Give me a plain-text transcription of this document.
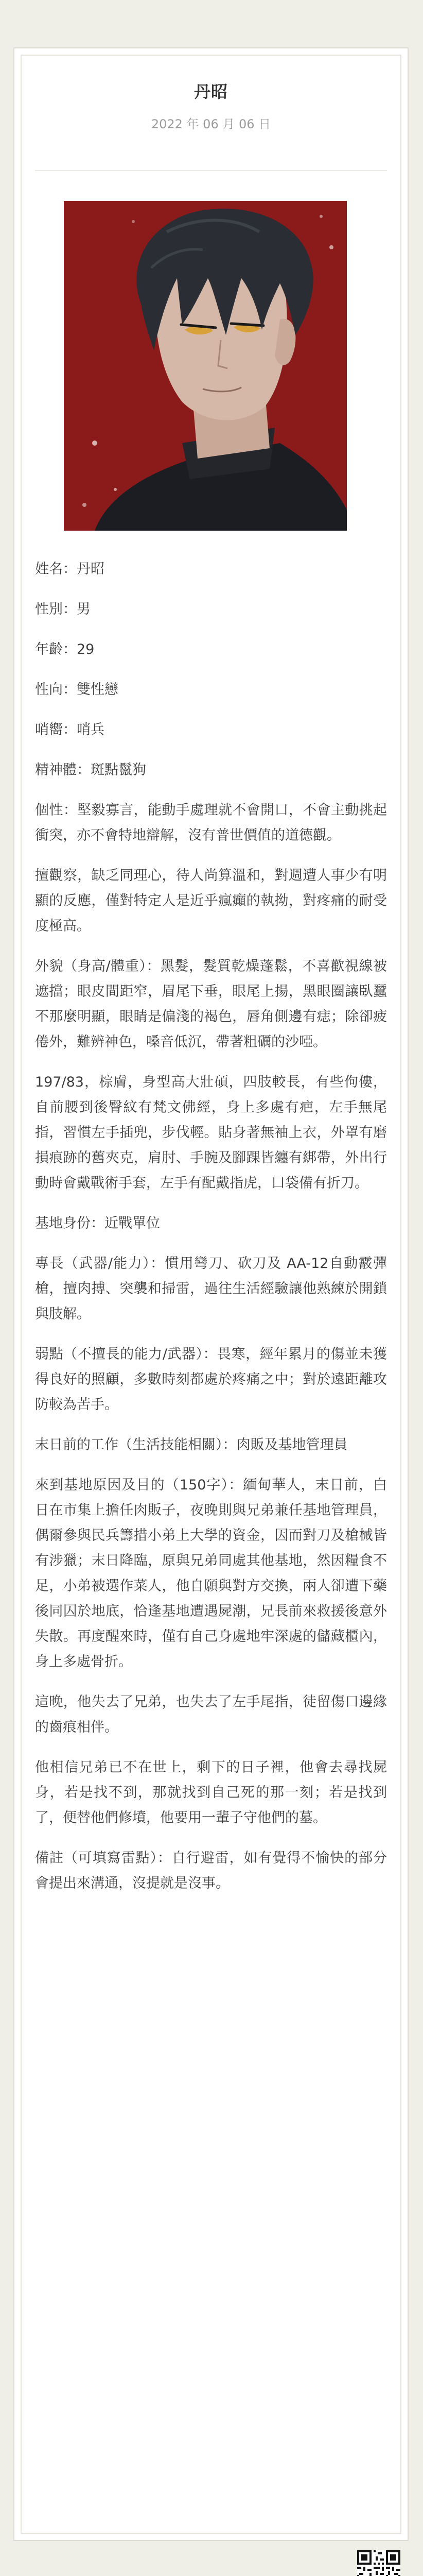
丹昭
2022 年 06 月 06 日

姓名：丹昭

性別：男

年齡：29

性向：雙性戀

哨嚮：哨兵

精神體：斑點鬣狗

個性：堅毅寡言，能動手處理就不會開口，不會主動挑起衝突，亦不會特地辯解，沒有普世價值的道德觀。

擅觀察，缺乏同理心，待人尚算溫和，對週遭人事少有明顯的反應，僅對特定人是近乎瘋癲的執拗，對疼痛的耐受度極高。

外貌（身高/體重）：黑髮，髮質乾燥蓬鬆，不喜歡視線被遮擋；眼皮間距窄，眉尾下垂，眼尾上揚，黑眼圈讓臥蠶不那麼明顯，眼睛是偏淺的褐色，唇角側邊有痣；除卻疲倦外，難辨神色，嗓音低沉，帶著粗礪的沙啞。

197/83，棕膚，身型高大壯碩，四肢較長，有些佝僂，自前腰到後臀紋有梵文佛經，身上多處有疤，左手無尾指，習慣左手插兜，步伐輕。貼身著無袖上衣，外罩有磨損痕跡的舊夾克，肩肘、手腕及腳踝皆纏有綁帶，外出行動時會戴戰術手套，左手有配戴指虎，口袋備有折刀。

基地身份：近戰單位

專長（武器/能力）：慣用彎刀、砍刀及 AA-12自動霰彈槍，擅肉搏、突襲和掃雷，過往生活經驗讓他熟練於開鎖與肢解。

弱點（不擅長的能力/武器）：畏寒，經年累月的傷並未獲得良好的照顧，多數時刻都處於疼痛之中；對於遠距離攻防較為苦手。

末日前的工作（生活技能相關）：肉販及基地管理員

來到基地原因及目的（150字）：緬甸華人，末日前，白日在市集上擔任肉販子，夜晚則與兄弟兼任基地管理員，偶爾參與民兵籌措小弟上大學的資金，因而對刀及槍械皆有涉獵；末日降臨，原與兄弟同處其他基地，然因糧食不足，小弟被選作菜人，他自願與對方交換，兩人卻遭下藥後同囚於地底，恰逢基地遭遇屍潮，兄長前來救援後意外失散。再度醒來時，僅有自己身處地牢深處的儲藏櫃內，身上多處骨折。

這晚，他失去了兄弟，也失去了左手尾指，徒留傷口邊緣的齒痕相伴。

他相信兄弟已不在世上，剩下的日子裡，他會去尋找屍身，若是找不到，那就找到自己死的那一刻；若是找到了，便替他們修墳，他要用一輩子守他們的墓。

備註（可填寫雷點）：自行避雷，如有覺得不愉快的部分會提出來溝通，沒提就是沒事。
